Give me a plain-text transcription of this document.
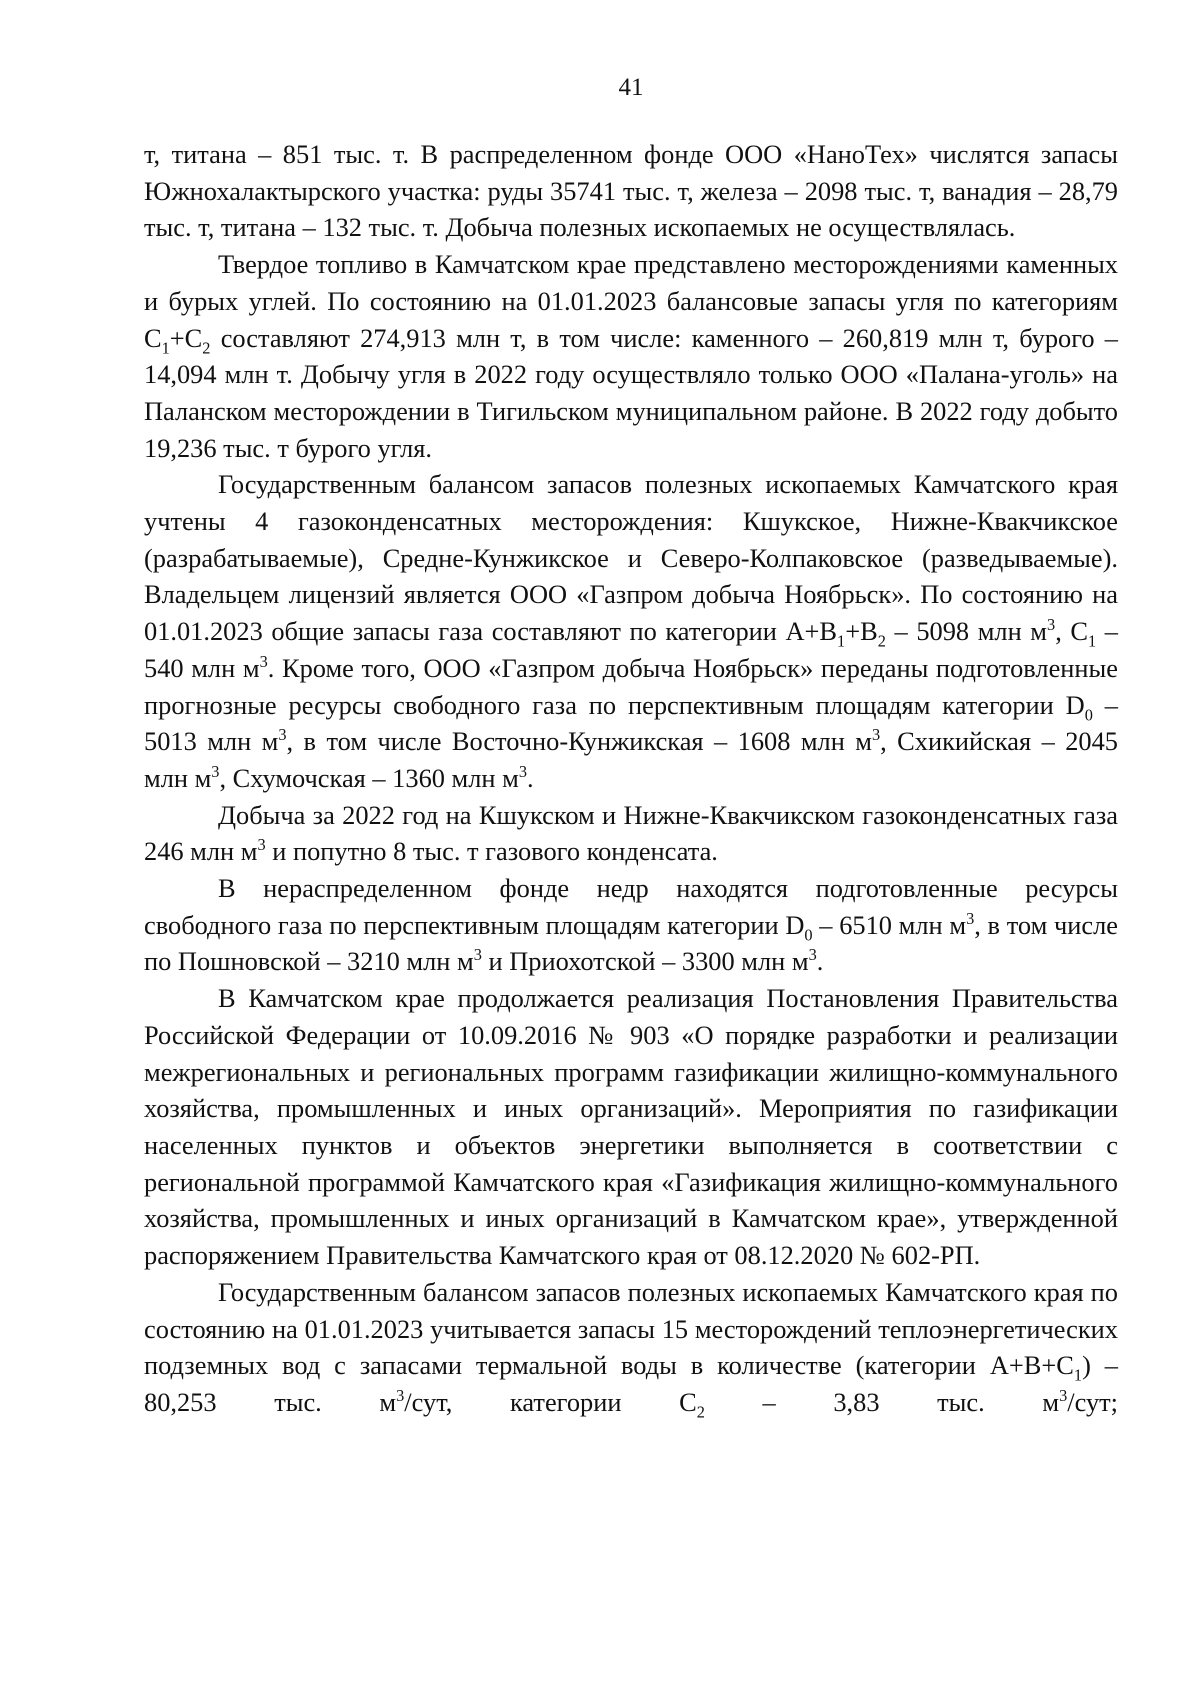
41

т, титана – 851 тыс. т. В распределенном фонде ООО «НаноТех» числятся запасы Южнохалактырского участка: руды 35741 тыс. т, железа – 2098 тыс. т, ванадия – 28,79 тыс. т, титана – 132 тыс. т. Добыча полезных ископаемых не осуществлялась.

Твердое топливо в Камчатском крае представлено месторождениями каменных и бурых углей. По состоянию на 01.01.2023 балансовые запасы угля по категориям $С_1+С_2$ составляют 274,913 млн т, в том числе: каменного – 260,819 млн т, бурого – 14,094 млн т. Добычу угля в 2022 году осуществляло только ООО «Палана-уголь» на Паланском месторождении в Тигильском муниципальном районе. В 2022 году добыто 19,236 тыс. т бурого угля.

Государственным балансом запасов полезных ископаемых Камчатского края учтены 4 газоконденсатных месторождения: Кшукское, Нижне-Квакчикское (разрабатываемые), Средне-Кунжикское и Северо-Колпаковское (разведываемые). Владельцем лицензий является ООО «Газпром добыча Ноябрьск». По состоянию на 01.01.2023 общие запасы газа составляют по категории $А+В_1+В_2 - 5098$ млн $м^3$, $С_1 - 540$ млн $м^3$. Кроме того, ООО «Газпром добыча Ноябрьск» переданы подготовленные прогнозные ресурсы свободного газа по перспективным площадям категории $D_0 - 5013$ млн $м^3$, в том числе Восточно-Кунжикская – 1608 млн $м^3$, Схикийская – 2045 млн $м^3$, Схумочская – 1360 млн $м^3$.

Добыча за 2022 год на Кшукском и Нижне-Квакчикском газоконденсатных газа 246 млн $м^3$ и попутно 8 тыс. т газового конденсата.

В нераспределенном фонде недр находятся подготовленные ресурсы свободного газа по перспективным площадям категории $D_0 - 6510$ млн $м^3$, в том числе по Пошновской – 3210 млн $м^3$ и Приохотской – 3300 млн $м^3$.

В Камчатском крае продолжается реализация Постановления Правительства Российской Федерации от 10.09.2016 № 903 «О порядке разработки и реализации межрегиональных и региональных программ газификации жилищно-коммунального хозяйства, промышленных и иных организаций». Мероприятия по газификации населенных пунктов и объектов энергетики выполняется в соответствии с региональной программой Камчатского края «Газификация жилищно-коммунального хозяйства, промышленных и иных организаций в Камчатском крае», утвержденной распоряжением Правительства Камчатского края от 08.12.2020 № 602-РП.

Государственным балансом запасов полезных ископаемых Камчатского края по состоянию на 01.01.2023 учитывается запасы 15 месторождений теплоэнергетических подземных вод с запасами термальной воды в количестве (категории $А+В+С_1) - 80,253$ тыс. $м^3$/сут, категории $С_2 - 3,83$ тыс. $м^3$/сут;
